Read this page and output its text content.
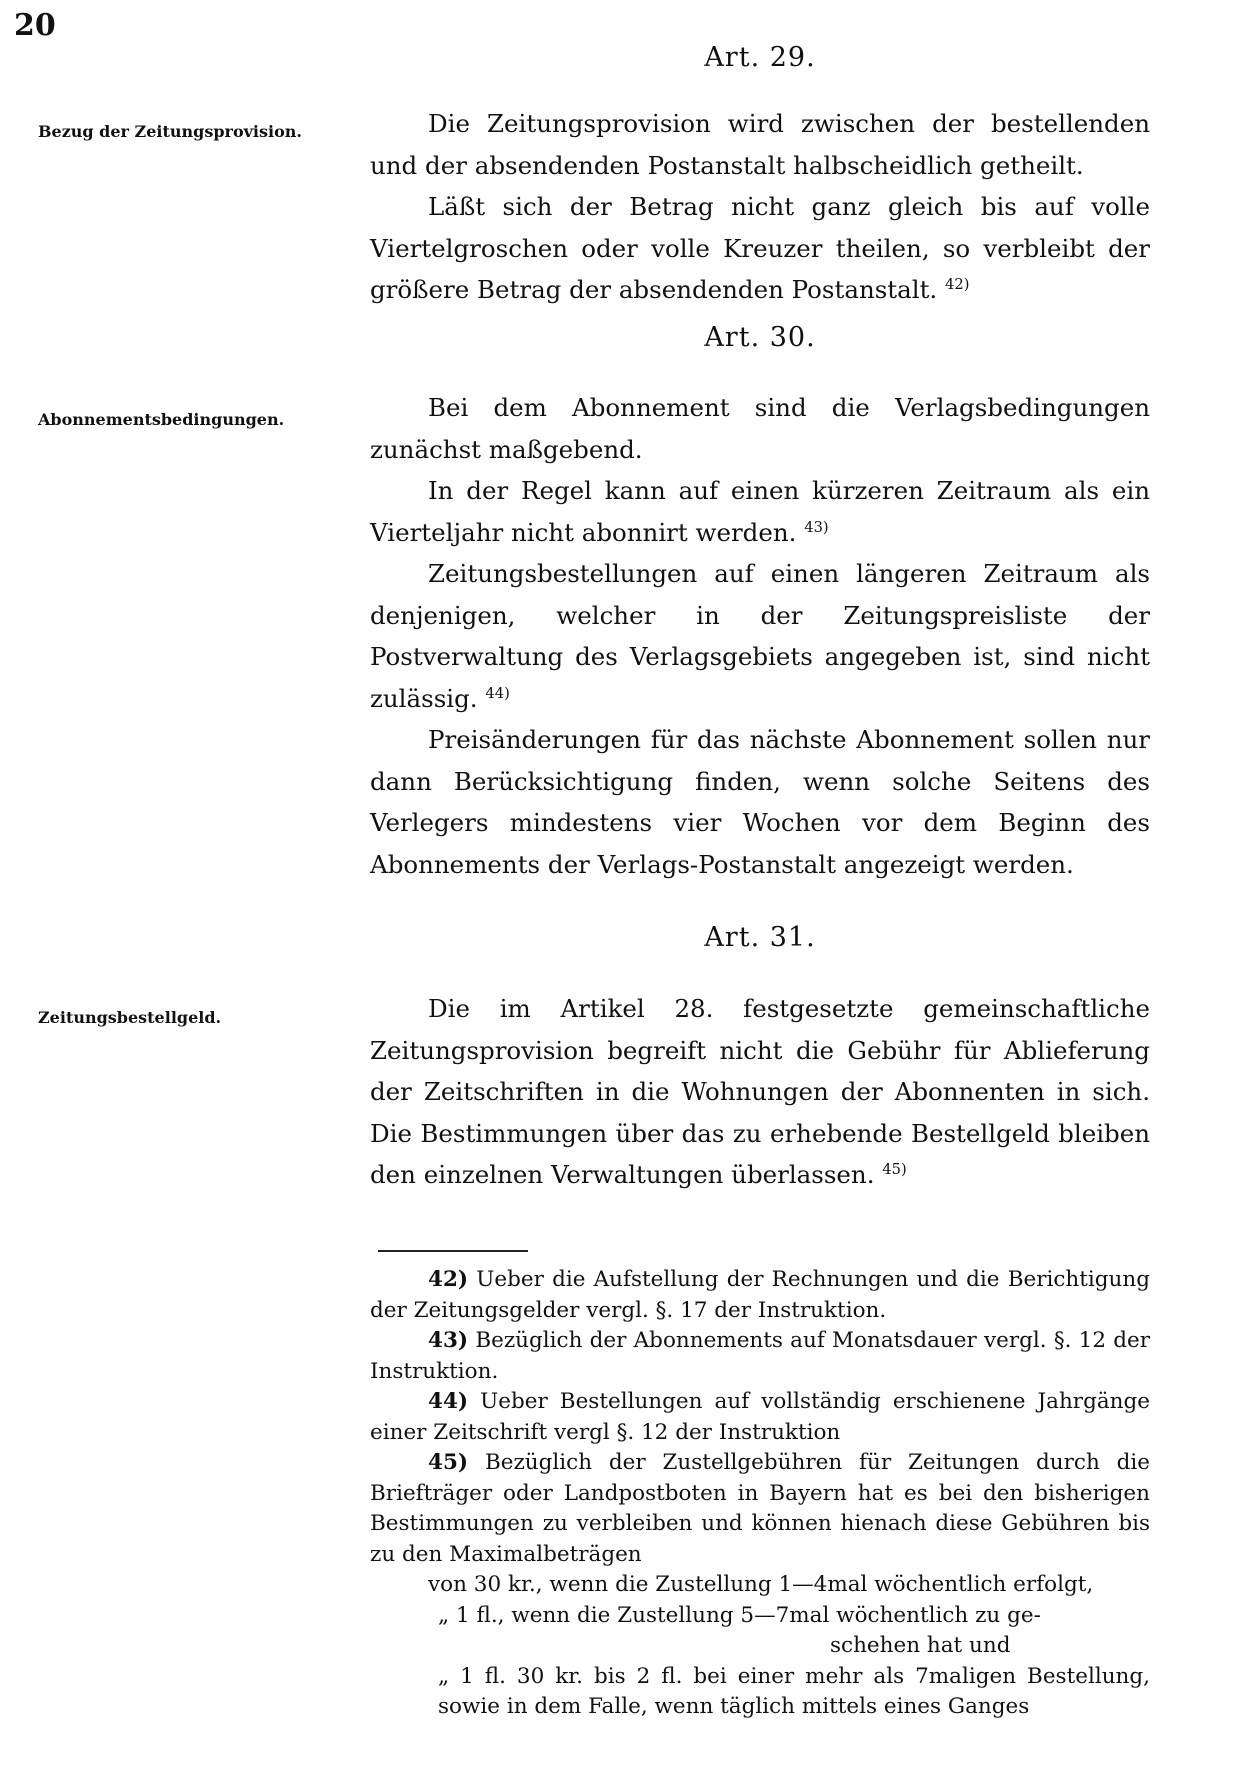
20
Bezug der Zeitungsprovision.
Art. 29.

Die Zeitungsprovision wird zwischen der bestellenden und der absendenden Postanstalt halbscheidlich getheilt.

Läßt sich der Betrag nicht ganz gleich bis auf volle Viertelgroschen oder volle Kreuzer theilen, so verbleibt der größere Betrag der absendenden Postanstalt. $^{42)}$

Art. 30.
Abonnementsbedingungen.	Bei dem Abonnement sind die Verlagsbedingungen zunächst maßgebend.

In der Regel kann auf einen kürzeren Zeitraum als ein Vierteljahr nicht abonnirt werden. $^{43)}$

Zeitungsbestellungen auf einen längeren Zeitraum als denjenigen, welcher in der Zeitungspreisliste der Postverwaltung des Verlagsgebiets angegeben ist, sind nicht zulässig. $^{44)}$

Preisänderungen für das nächste Abonnement sollen nur dann Berücksichtigung finden, wenn solche Seitens des Verlegers mindestens vier Wochen vor dem Beginn des Abonnements der Verlags-Postanstalt angezeigt werden.

Art. 31.
Zeitungsbestellgeld.	Die im Artikel 28. festgesetzte gemeinschaftliche Zeitungsprovision begreift nicht die Gebühr für Ablieferung der Zeitschriften in die Wohnungen der Abonnenten in sich. Die Bestimmungen über das zu erhebende Bestellgeld bleiben den einzelnen Verwaltungen überlassen. $^{45)}$

42) Ueber die Aufstellung der Rechnungen und die Berichtigung der Zeitungsgelder vergl. §. 17 der Instruktion.

43) Bezüglich der Abonnements auf Monatsdauer vergl. §. 12 der Instruktion.

44) Ueber Bestellungen auf vollständig erschienene Jahrgänge einer Zeitschrift vergl §. 12 der Instruktion

45) Bezüglich der Zustellgebühren für Zeitungen durch die Briefträger oder Landpostboten in Bayern hat es bei den bisherigen Bestimmungen zu verbleiben und können hienach diese Gebühren bis zu den Maximalbeträgen

von 30 kr., wenn die Zustellung 1—4mal wöchentlich erfolgt,
„ 1 fl., wenn die Zustellung 5—7mal wöchentlich zu ge-
schehen hat und
„ 1 fl. 30 kr. bis 2 fl. bei einer mehr als 7maligen Bestellung, sowie in dem Falle, wenn täglich mittels eines Ganges
